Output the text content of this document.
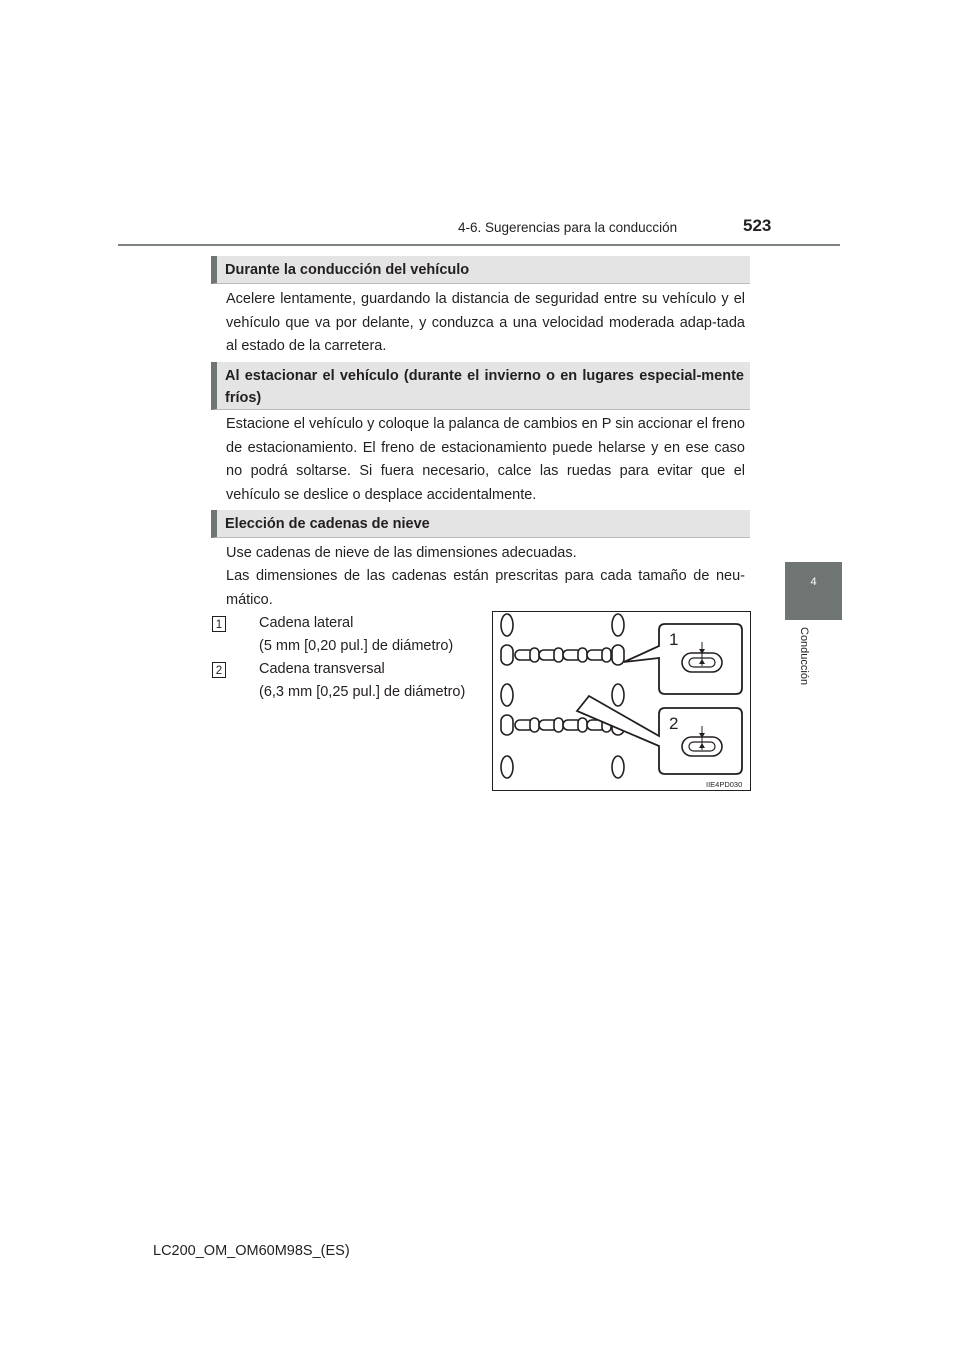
4-6. Sugerencias para la conducción	523
4
Conducción
Durante la conducción del vehículo

Acelere lentamente, guardando la distancia de seguridad entre su vehículo y el vehículo que va por delante, y conduzca a una velocidad moderada adap-tada al estado de la carretera.

Al estacionar el vehículo (durante el invierno o en lugares especial-mente fríos)

Estacione el vehículo y coloque la palanca de cambios en P sin accionar el freno de estacionamiento. El freno de estacionamiento puede helarse y en ese caso no podrá soltarse. Si fuera necesario, calce las ruedas para evitar que el vehículo se deslice o desplace accidentalmente.

Elección de cadenas de nieve

Use cadenas de nieve de las dimensiones adecuadas.

Las dimensiones de las cadenas están prescritas para cada tamaño de neu-mático.

1	Cadena lateral
(5 mm [0,20 pul.] de diámetro)
2	Cadena transversal
(6,3 mm [0,25 pul.] de diámetro)
1
2
IIE4PD030
LC200_OM_OM60M98S_(ES)
